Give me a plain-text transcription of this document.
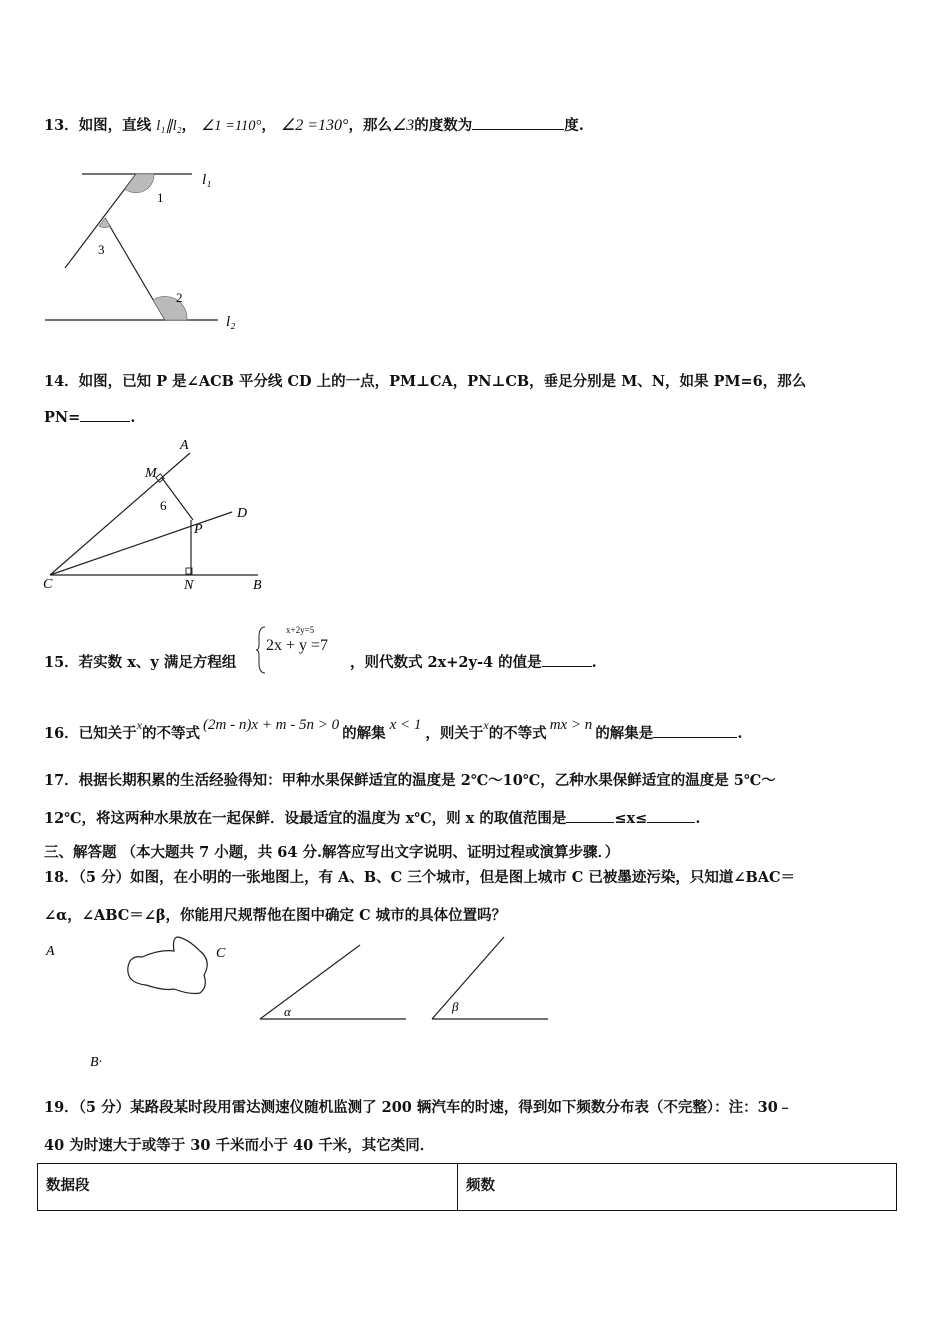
13．如图，直线 l₁∥l₂， ∠1 =110°， ∠2 =130°，那么∠3的度数为	度.
l₁
l₂
1
2
3
14．如图，已知 P 是∠ACB 平分线 CD 上的一点，PM⊥CA，PN⊥CB，垂足分别是 M、N，如果 PM=6，那么
PN=	.
A
M
6
P
D
C	N	B
15．若实数 x、y 满足方程组
x+2y=5
2x + y =7
，则代数式 2x+2y-4 的值是	.
16．已知关于$^x$的不等式 (2m - n)x + m - 5n > 0 的解集 x < 1 ，则关于$^x$的不等式 mx > n 的解集是	.
17．根据长期积累的生活经验得知：甲种水果保鲜适宜的温度是 2℃～10℃，乙种水果保鲜适宜的温度是 5℃～
12℃，将这两种水果放在一起保鲜．设最适宜的温度为 x℃，则 x 的取值范围是	≤x≤	.
三、解答题 （本大题共 7 小题，共 64 分.解答应写出文字说明、证明过程或演算步骤．）
18．（5 分）如图，在小明的一张地图上，有 A、B、C 三个城市，但是图上城市 C 已被墨迹污染，只知道∠BAC＝
∠α，∠ABC＝∠β，你能用尺规帮他在图中确定 C 城市的具体位置吗？
A	C
α	β
B·
19．（5 分）某路段某时段用雷达测速仪随机监测了 200 辆汽车的时速，得到如下频数分布表（不完整）：注：30﹣
40 为时速大于或等于 30 千米而小于 40 千米，其它类同．
数据段	频数
